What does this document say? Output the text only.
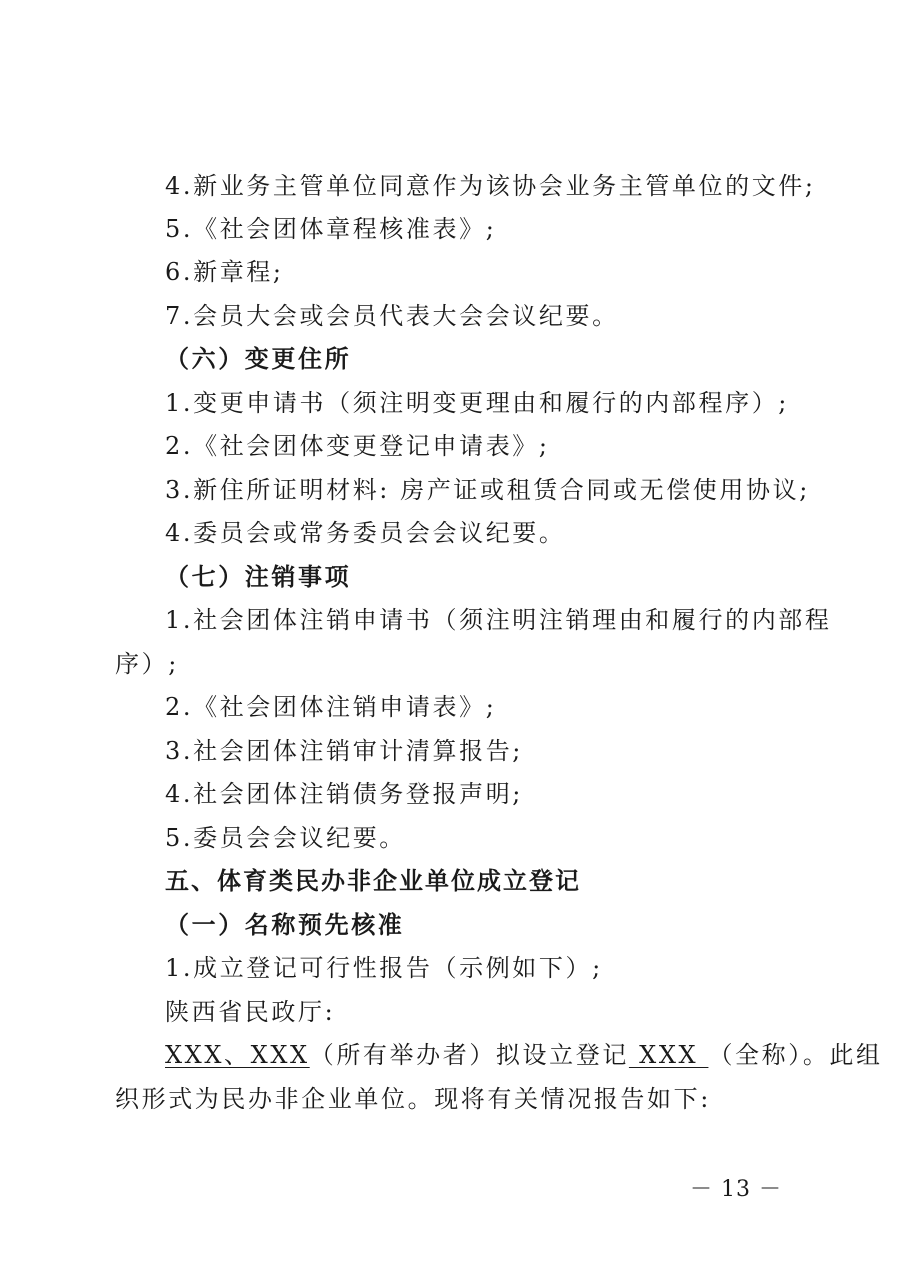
4.新业务主管单位同意作为该协会业务主管单位的文件;
5.《社会团体章程核准表》;
6.新章程;
7.会员大会或会员代表大会会议纪要。
（六）变更住所
1.变更申请书（须注明变更理由和履行的内部程序）;
2.《社会团体变更登记申请表》;
3.新住所证明材料: 房产证或租赁合同或无偿使用协议;
4.委员会或常务委员会会议纪要。
（七）注销事项
1.社会团体注销申请书（须注明注销理由和履行的内部程
序）;
2.《社会团体注销申请表》;
3.社会团体注销审计清算报告;
4.社会团体注销债务登报声明;
5.委员会会议纪要。
五、体育类民办非企业单位成立登记
（一）名称预先核准
1.成立登记可行性报告（示例如下）;
陕西省民政厅:
XXX、XXX（所有举办者）拟设立登记 XXX （全称）。此组
织形式为民办非企业单位。现将有关情况报告如下:
－ 13 －
